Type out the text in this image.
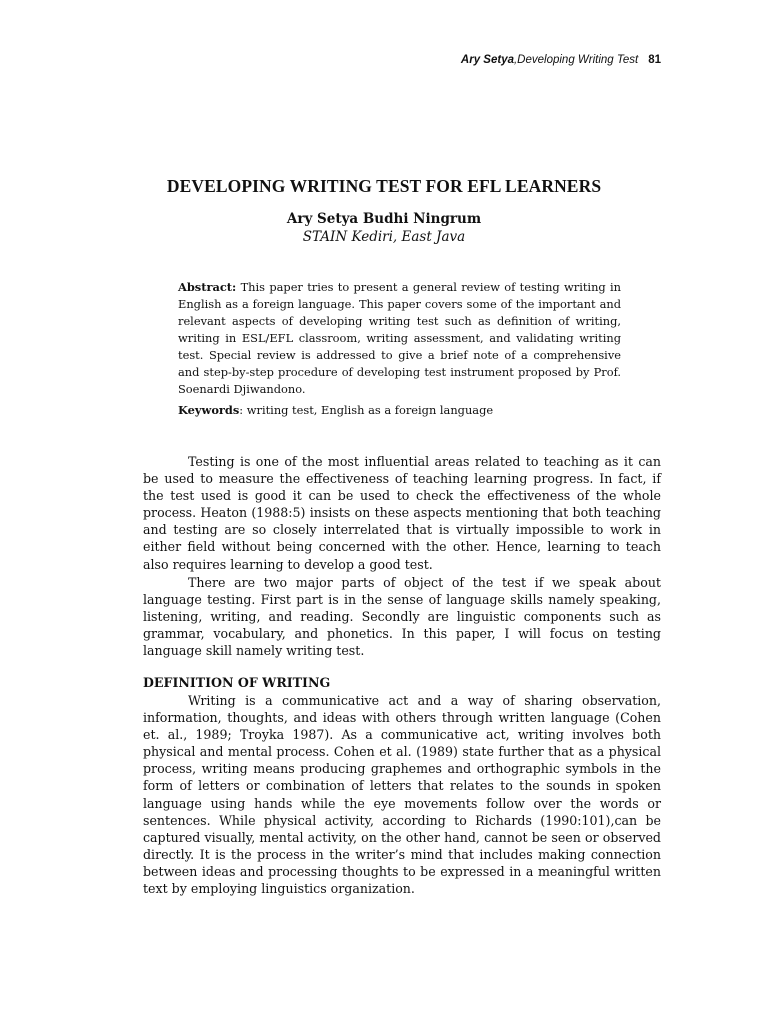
Ary Setya,Developing Writing Test 81
DEVELOPING WRITING TEST FOR EFL LEARNERS
Ary Setya Budhi Ningrum
STAIN Kediri, East Java

Abstract: This paper tries to present a general review of testing writing in English as a foreign language. This paper covers some of the important and relevant aspects of developing writing test such as definition of writing, writing in ESL/EFL classroom, writing assessment, and validating writing test. Special review is addressed to give a brief note of a comprehensive and step-by-step procedure of developing test instrument proposed by Prof. Soenardi Djiwandono.

Keywords: writing test, English as a foreign language

Testing is one of the most influential areas related to teaching as it can be used to measure the effectiveness of teaching learning progress. In fact, if the test used is good it can be used to check the effectiveness of the whole process. Heaton (1988:5) insists on these aspects mentioning that both teaching and testing are so closely interrelated that is virtually impossible to work in either field without being concerned with the other. Hence, learning to teach also requires learning to develop a good test.

There are two major parts of object of the test if we speak about language testing. First part is in the sense of language skills namely speaking, listening, writing, and reading. Secondly are linguistic components such as grammar, vocabulary, and phonetics. In this paper, I will focus on testing language skill namely writing test.

DEFINITION OF WRITING

Writing is a communicative act and a way of sharing observation, information, thoughts, and ideas with others through written language (Cohen et. al., 1989; Troyka 1987). As a communicative act, writing involves both physical and mental process. Cohen et al. (1989) state further that as a physical process, writing means producing graphemes and orthographic symbols in the form of letters or combination of letters that relates to the sounds in spoken language using hands while the eye movements follow over the words or sentences. While physical activity, according to Richards (1990:101),can be captured visually, mental activity, on the other hand, cannot be seen or observed directly. It is the process in the writer’s mind that includes making connection between ideas and processing thoughts to be expressed in a meaningful written text by employing linguistics organization.
